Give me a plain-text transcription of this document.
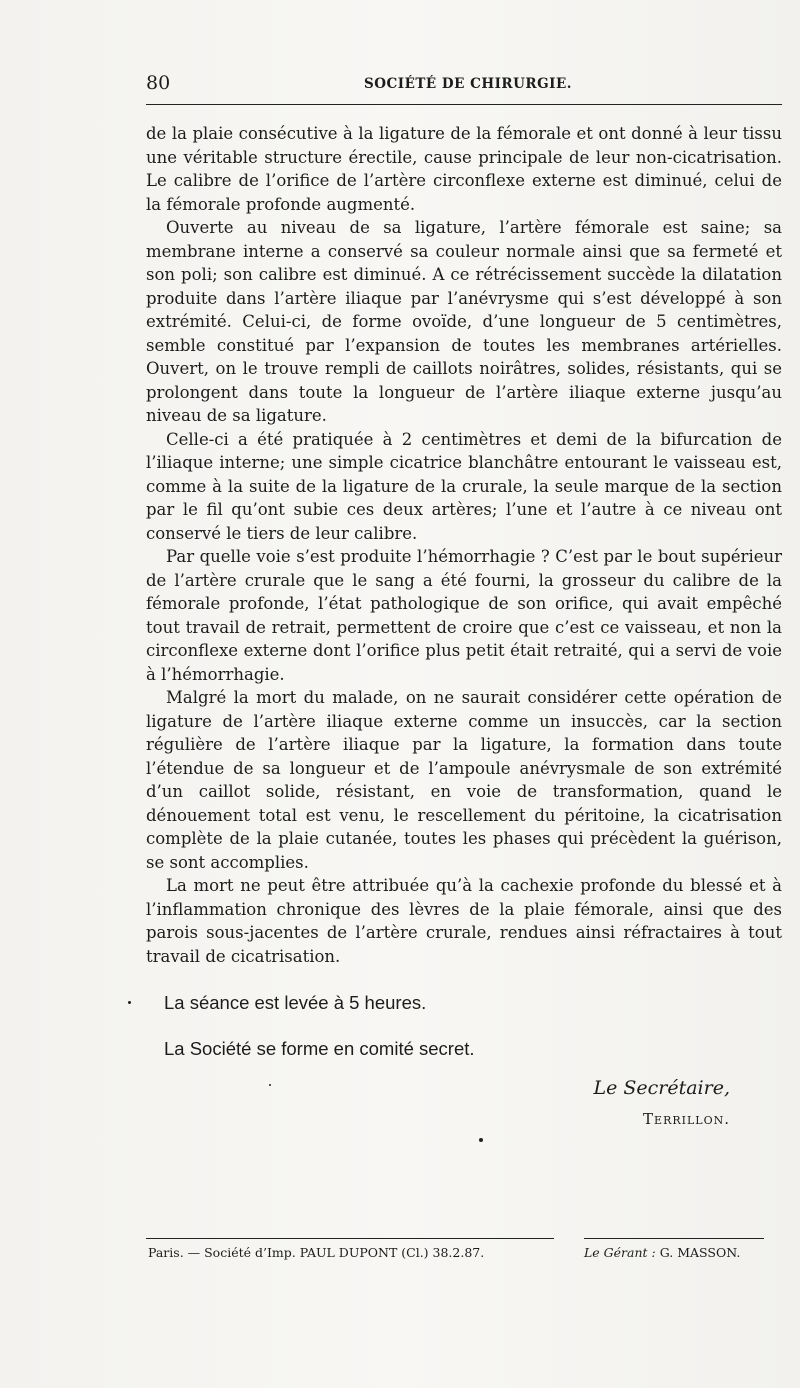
80	SOCIÉTÉ DE CHIRURGIE.

de la plaie consécutive à la ligature de la fémorale et ont donné à leur tissu une véritable structure érectile, cause principale de leur non-cicatrisation. Le calibre de l’orifice de l’artère circonflexe externe est diminué, celui de la fémorale profonde augmenté.

Ouverte au niveau de sa ligature, l’artère fémorale est saine; sa membrane interne a conservé sa couleur normale ainsi que sa fermeté et son poli; son calibre est diminué. A ce rétrécissement succède la dilatation produite dans l’artère iliaque par l’anévrysme qui s’est développé à son extrémité. Celui-ci, de forme ovoïde, d’une longueur de 5 centimètres, semble constitué par l’expansion de toutes les membranes artérielles. Ouvert, on le trouve rempli de caillots noirâtres, solides, résistants, qui se prolongent dans toute la longueur de l’artère iliaque externe jusqu’au niveau de sa ligature.

Celle-ci a été pratiquée à 2 centimètres et demi de la bifurcation de l’iliaque interne; une simple cicatrice blanchâtre entourant le vaisseau est, comme à la suite de la ligature de la crurale, la seule marque de la section par le fil qu’ont subie ces deux artères; l’une et l’autre à ce niveau ont conservé le tiers de leur calibre.

Par quelle voie s’est produite l’hémorrhagie ? C’est par le bout supérieur de l’artère crurale que le sang a été fourni, la grosseur du calibre de la fémorale profonde, l’état pathologique de son orifice, qui avait empêché tout travail de retrait, permettent de croire que c’est ce vaisseau, et non la circonflexe externe dont l’orifice plus petit était retraité, qui a servi de voie à l’hémorrhagie.

Malgré la mort du malade, on ne saurait considérer cette opération de ligature de l’artère iliaque externe comme un insuccès, car la section régulière de l’artère iliaque par la ligature, la formation dans toute l’étendue de sa longueur et de l’ampoule anévrysmale de son extrémité d’un caillot solide, résistant, en voie de transformation, quand le dénouement total est venu, le rescellement du péritoine, la cicatrisation complète de la plaie cutanée, toutes les phases qui précèdent la guérison, se sont accomplies.

La mort ne peut être attribuée qu’à la cachexie profonde du blessé et à l’inflammation chronique des lèvres de la plaie fémorale, ainsi que des parois sous-jacentes de l’artère crurale, rendues ainsi réfractaires à tout travail de cicatrisation.

La séance est levée à 5 heures.
La Société se forme en comité secret.
Le Secrétaire,
Terrillon.
Paris. — Société d’Imp. PAUL DUPONT (Cl.) 38.2.87.	Le Gérant : G. MASSON.
